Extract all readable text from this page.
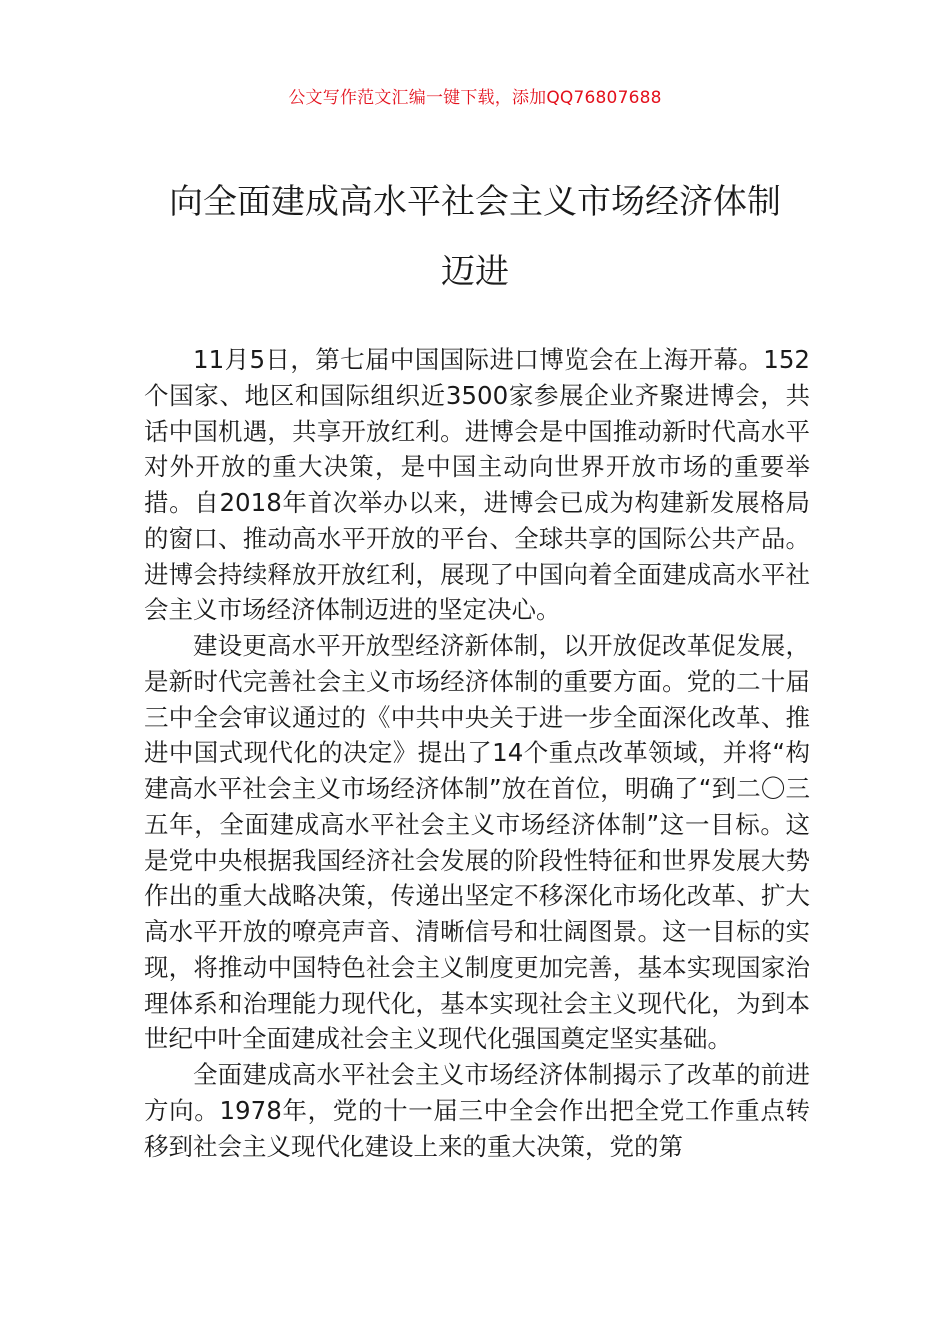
公文写作范文汇编一键下载，添加QQ76807688
向全面建成高水平社会主义市场经济体制
迈进

11月5日，第七届中国国际进口博览会在上海开幕。152个国家、地区和国际组织近3500家参展企业齐聚进博会，共话中国机遇，共享开放红利。进博会是中国推动新时代高水平对外开放的重大决策，是中国主动向世界开放市场的重要举措。自2018年首次举办以来，进博会已成为构建新发展格局的窗口、推动高水平开放的平台、全球共享的国际公共产品。进博会持续释放开放红利，展现了中国向着全面建成高水平社会主义市场经济体制迈进的坚定决心。

建设更高水平开放型经济新体制，以开放促改革促发展，是新时代完善社会主义市场经济体制的重要方面。党的二十届三中全会审议通过的《中共中央关于进一步全面深化改革、推进中国式现代化的决定》提出了14个重点改革领域，并将“构建高水平社会主义市场经济体制”放在首位，明确了“到二〇三五年，全面建成高水平社会主义市场经济体制”这一目标。这是党中央根据我国经济社会发展的阶段性特征和世界发展大势作出的重大战略决策，传递出坚定不移深化市场化改革、扩大高水平开放的嘹亮声音、清晰信号和壮阔图景。这一目标的实现，将推动中国特色社会主义制度更加完善，基本实现国家治理体系和治理能力现代化，基本实现社会主义现代化，为到本世纪中叶全面建成社会主义现代化强国奠定坚实基础。

全面建成高水平社会主义市场经济体制揭示了改革的前进方向。1978年，党的十一届三中全会作出把全党工作重点转移到社会主义现代化建设上来的重大决策，党的第
